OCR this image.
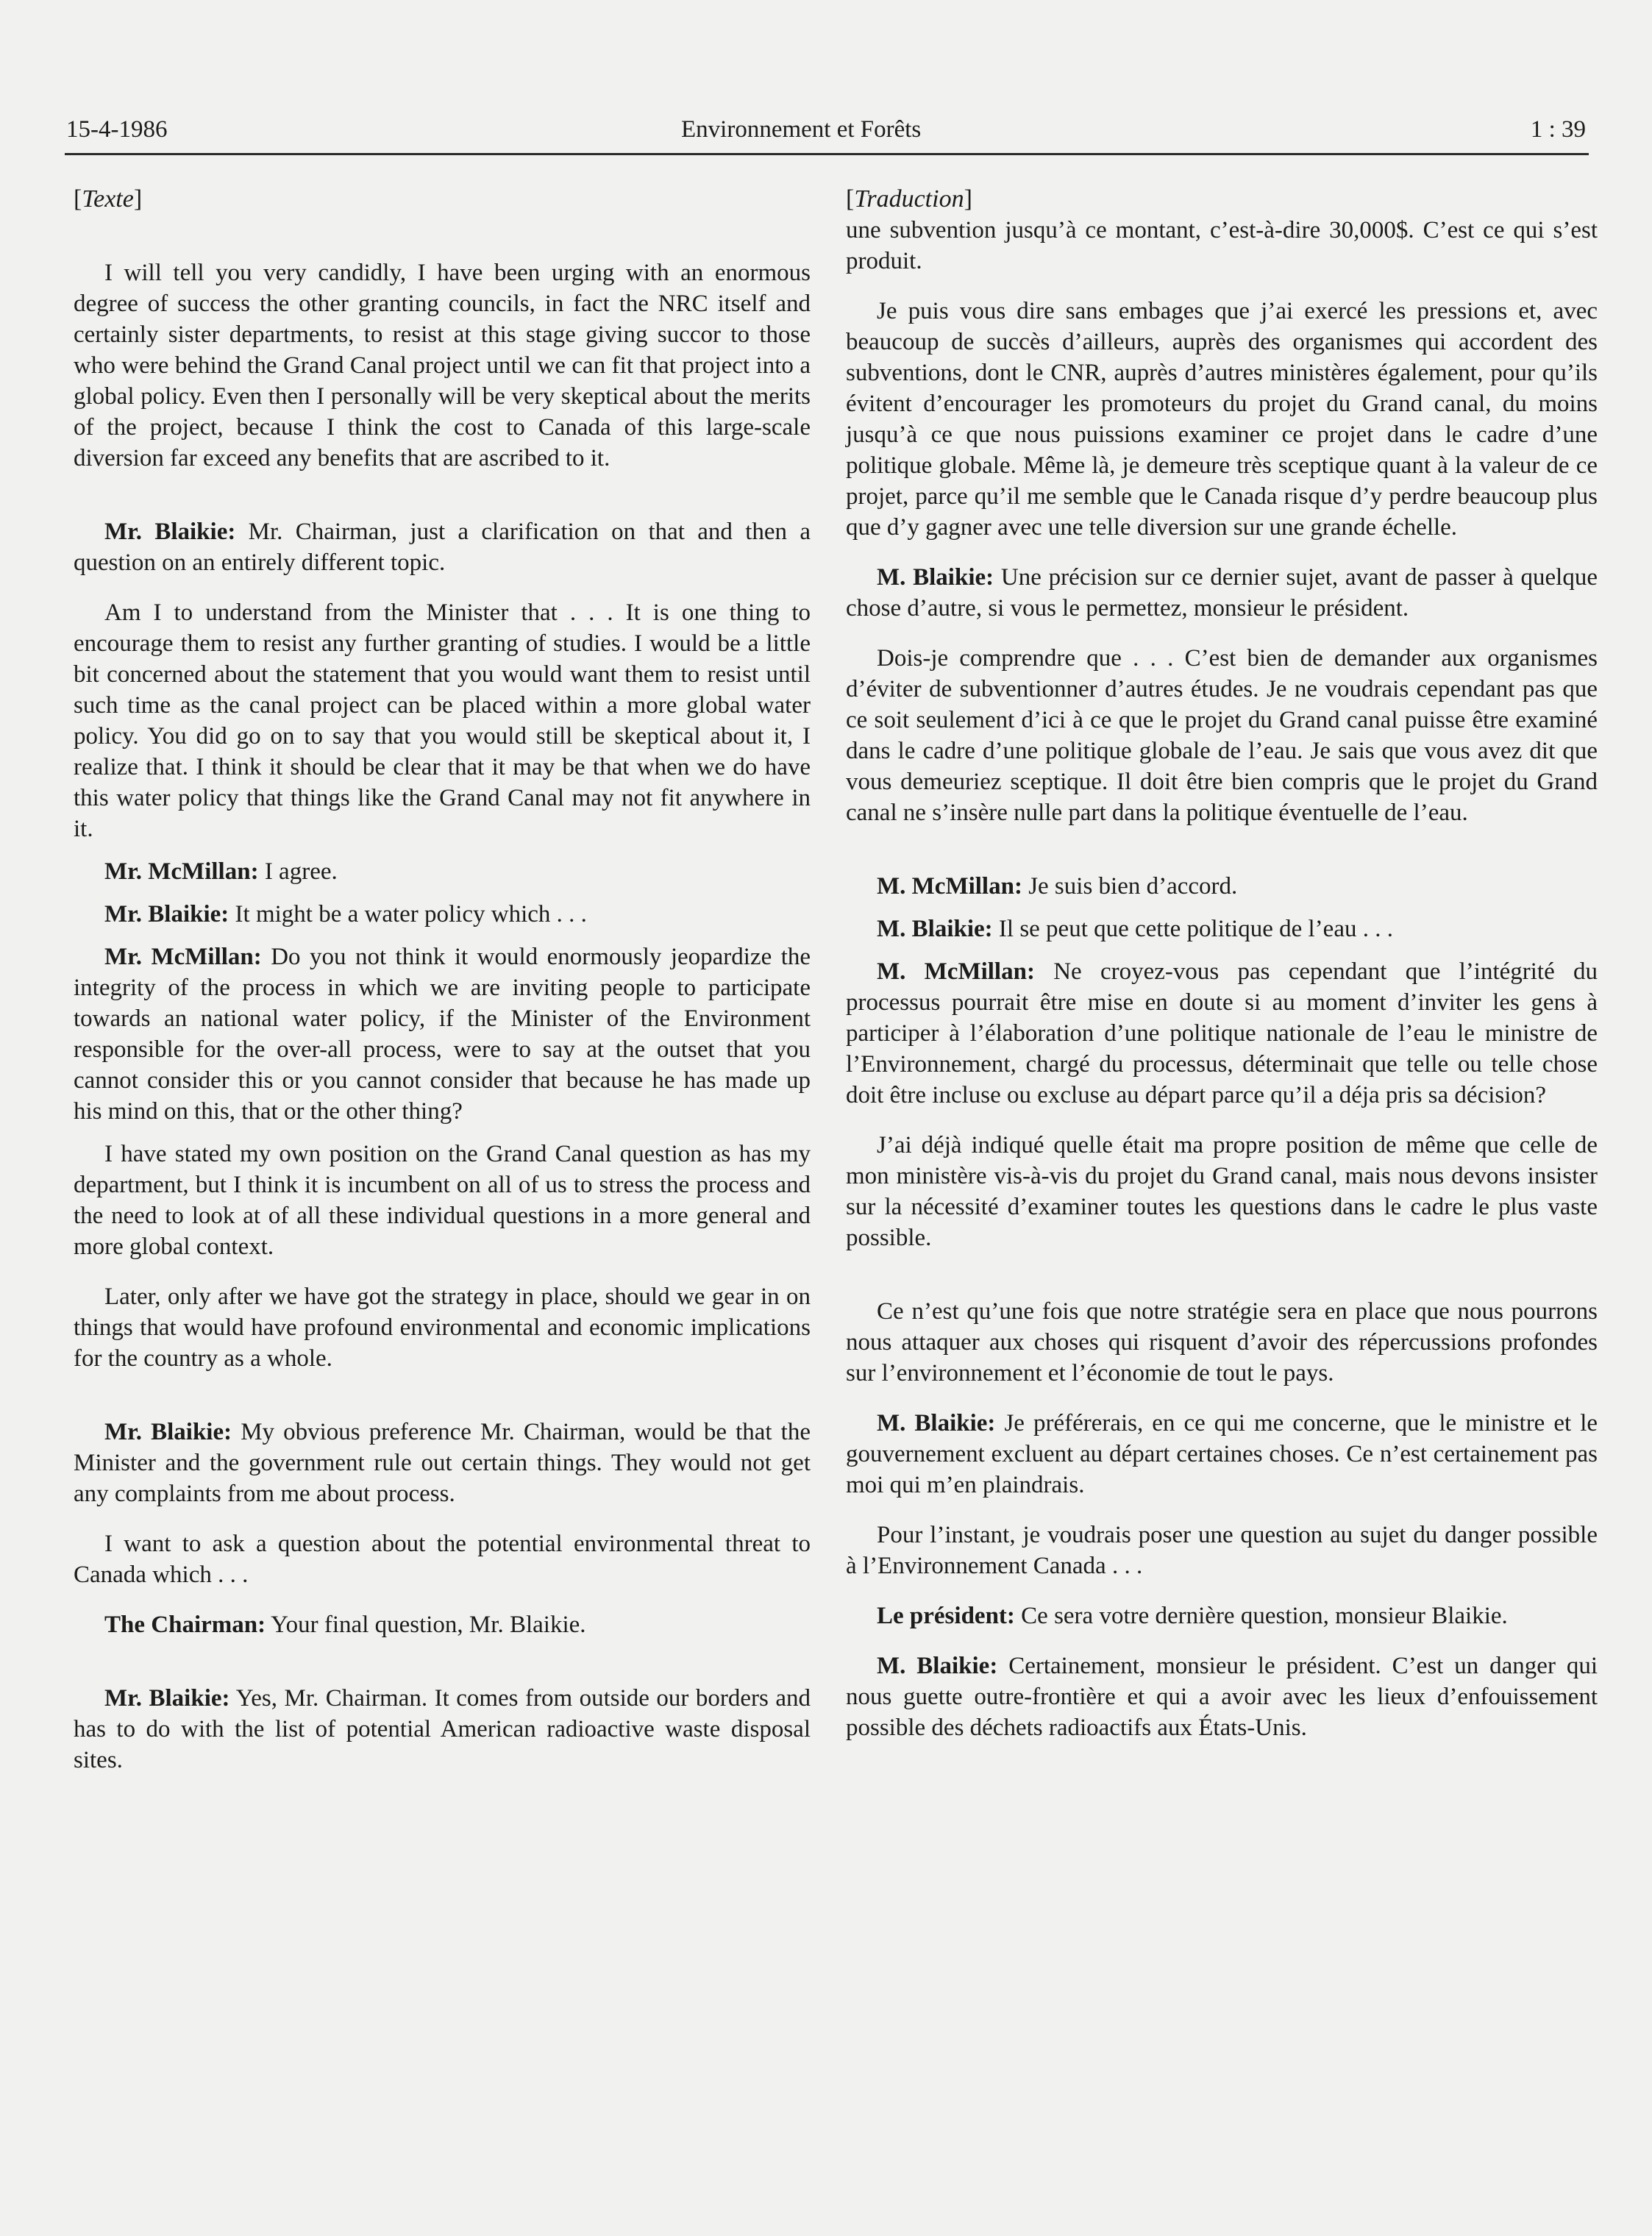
15-4-1986	Environnement et Forêts	1 : 39
[Texte]

I will tell you very candidly, I have been urging with an enormous degree of success the other granting councils, in fact the NRC itself and certainly sister departments, to resist at this stage giving succor to those who were behind the Grand Canal project until we can fit that project into a global policy. Even then I personally will be very skeptical about the merits of the project, because I think the cost to Canada of this large-scale diversion far exceed any benefits that are ascribed to it.

Mr. Blaikie: Mr. Chairman, just a clarification on that and then a question on an entirely different topic.

Am I to understand from the Minister that . . . It is one thing to encourage them to resist any further granting of studies. I would be a little bit concerned about the statement that you would want them to resist until such time as the canal project can be placed within a more global water policy. You did go on to say that you would still be skeptical about it, I realize that. I think it should be clear that it may be that when we do have this water policy that things like the Grand Canal may not fit anywhere in it.

Mr. McMillan: I agree.

Mr. Blaikie: It might be a water policy which . . .

Mr. McMillan: Do you not think it would enormously jeopardize the integrity of the process in which we are inviting people to participate towards an national water policy, if the Minister of the Environment responsible for the over-all process, were to say at the outset that you cannot consider this or you cannot consider that because he has made up his mind on this, that or the other thing?

I have stated my own position on the Grand Canal question as has my department, but I think it is incumbent on all of us to stress the process and the need to look at of all these individual questions in a more general and more global context.

Later, only after we have got the strategy in place, should we gear in on things that would have profound environmental and economic implications for the country as a whole.

Mr. Blaikie: My obvious preference Mr. Chairman, would be that the Minister and the government rule out certain things. They would not get any complaints from me about process.

I want to ask a question about the potential environmental threat to Canada which . . .

The Chairman: Your final question, Mr. Blaikie.

Mr. Blaikie: Yes, Mr. Chairman. It comes from outside our borders and has to do with the list of potential American radioactive waste disposal sites.

[Traduction]

une subvention jusqu’à ce montant, c’est-à-dire 30,000$. C’est ce qui s’est produit.

Je puis vous dire sans embages que j’ai exercé les pressions et, avec beaucoup de succès d’ailleurs, auprès des organismes qui accordent des subventions, dont le CNR, auprès d’autres ministères également, pour qu’ils évitent d’encourager les promoteurs du projet du Grand canal, du moins jusqu’à ce que nous puissions examiner ce projet dans le cadre d’une politique globale. Même là, je demeure très sceptique quant à la valeur de ce projet, parce qu’il me semble que le Canada risque d’y perdre beaucoup plus que d’y gagner avec une telle diversion sur une grande échelle.

M. Blaikie: Une précision sur ce dernier sujet, avant de passer à quelque chose d’autre, si vous le permettez, monsieur le président.

Dois-je comprendre que . . . C’est bien de demander aux organismes d’éviter de subventionner d’autres études. Je ne voudrais cependant pas que ce soit seulement d’ici à ce que le projet du Grand canal puisse être examiné dans le cadre d’une politique globale de l’eau. Je sais que vous avez dit que vous demeuriez sceptique. Il doit être bien compris que le projet du Grand canal ne s’insère nulle part dans la politique éventuelle de l’eau.

M. McMillan: Je suis bien d’accord.

M. Blaikie: Il se peut que cette politique de l’eau . . .

M. McMillan: Ne croyez-vous pas cependant que l’intégrité du processus pourrait être mise en doute si au moment d’inviter les gens à participer à l’élaboration d’une politique nationale de l’eau le ministre de l’Environnement, chargé du processus, déterminait que telle ou telle chose doit être incluse ou excluse au départ parce qu’il a déja pris sa décision?

J’ai déjà indiqué quelle était ma propre position de même que celle de mon ministère vis-à-vis du projet du Grand canal, mais nous devons insister sur la nécessité d’examiner toutes les questions dans le cadre le plus vaste possible.

Ce n’est qu’une fois que notre stratégie sera en place que nous pourrons nous attaquer aux choses qui risquent d’avoir des répercussions profondes sur l’environnement et l’économie de tout le pays.

M. Blaikie: Je préférerais, en ce qui me concerne, que le ministre et le gouvernement excluent au départ certaines choses. Ce n’est certainement pas moi qui m’en plaindrais.

Pour l’instant, je voudrais poser une question au sujet du danger possible à l’Environnement Canada . . .

Le président: Ce sera votre dernière question, monsieur Blaikie.

M. Blaikie: Certainement, monsieur le président. C’est un danger qui nous guette outre-frontière et qui a avoir avec les lieux d’enfouissement possible des déchets radioactifs aux États-Unis.
